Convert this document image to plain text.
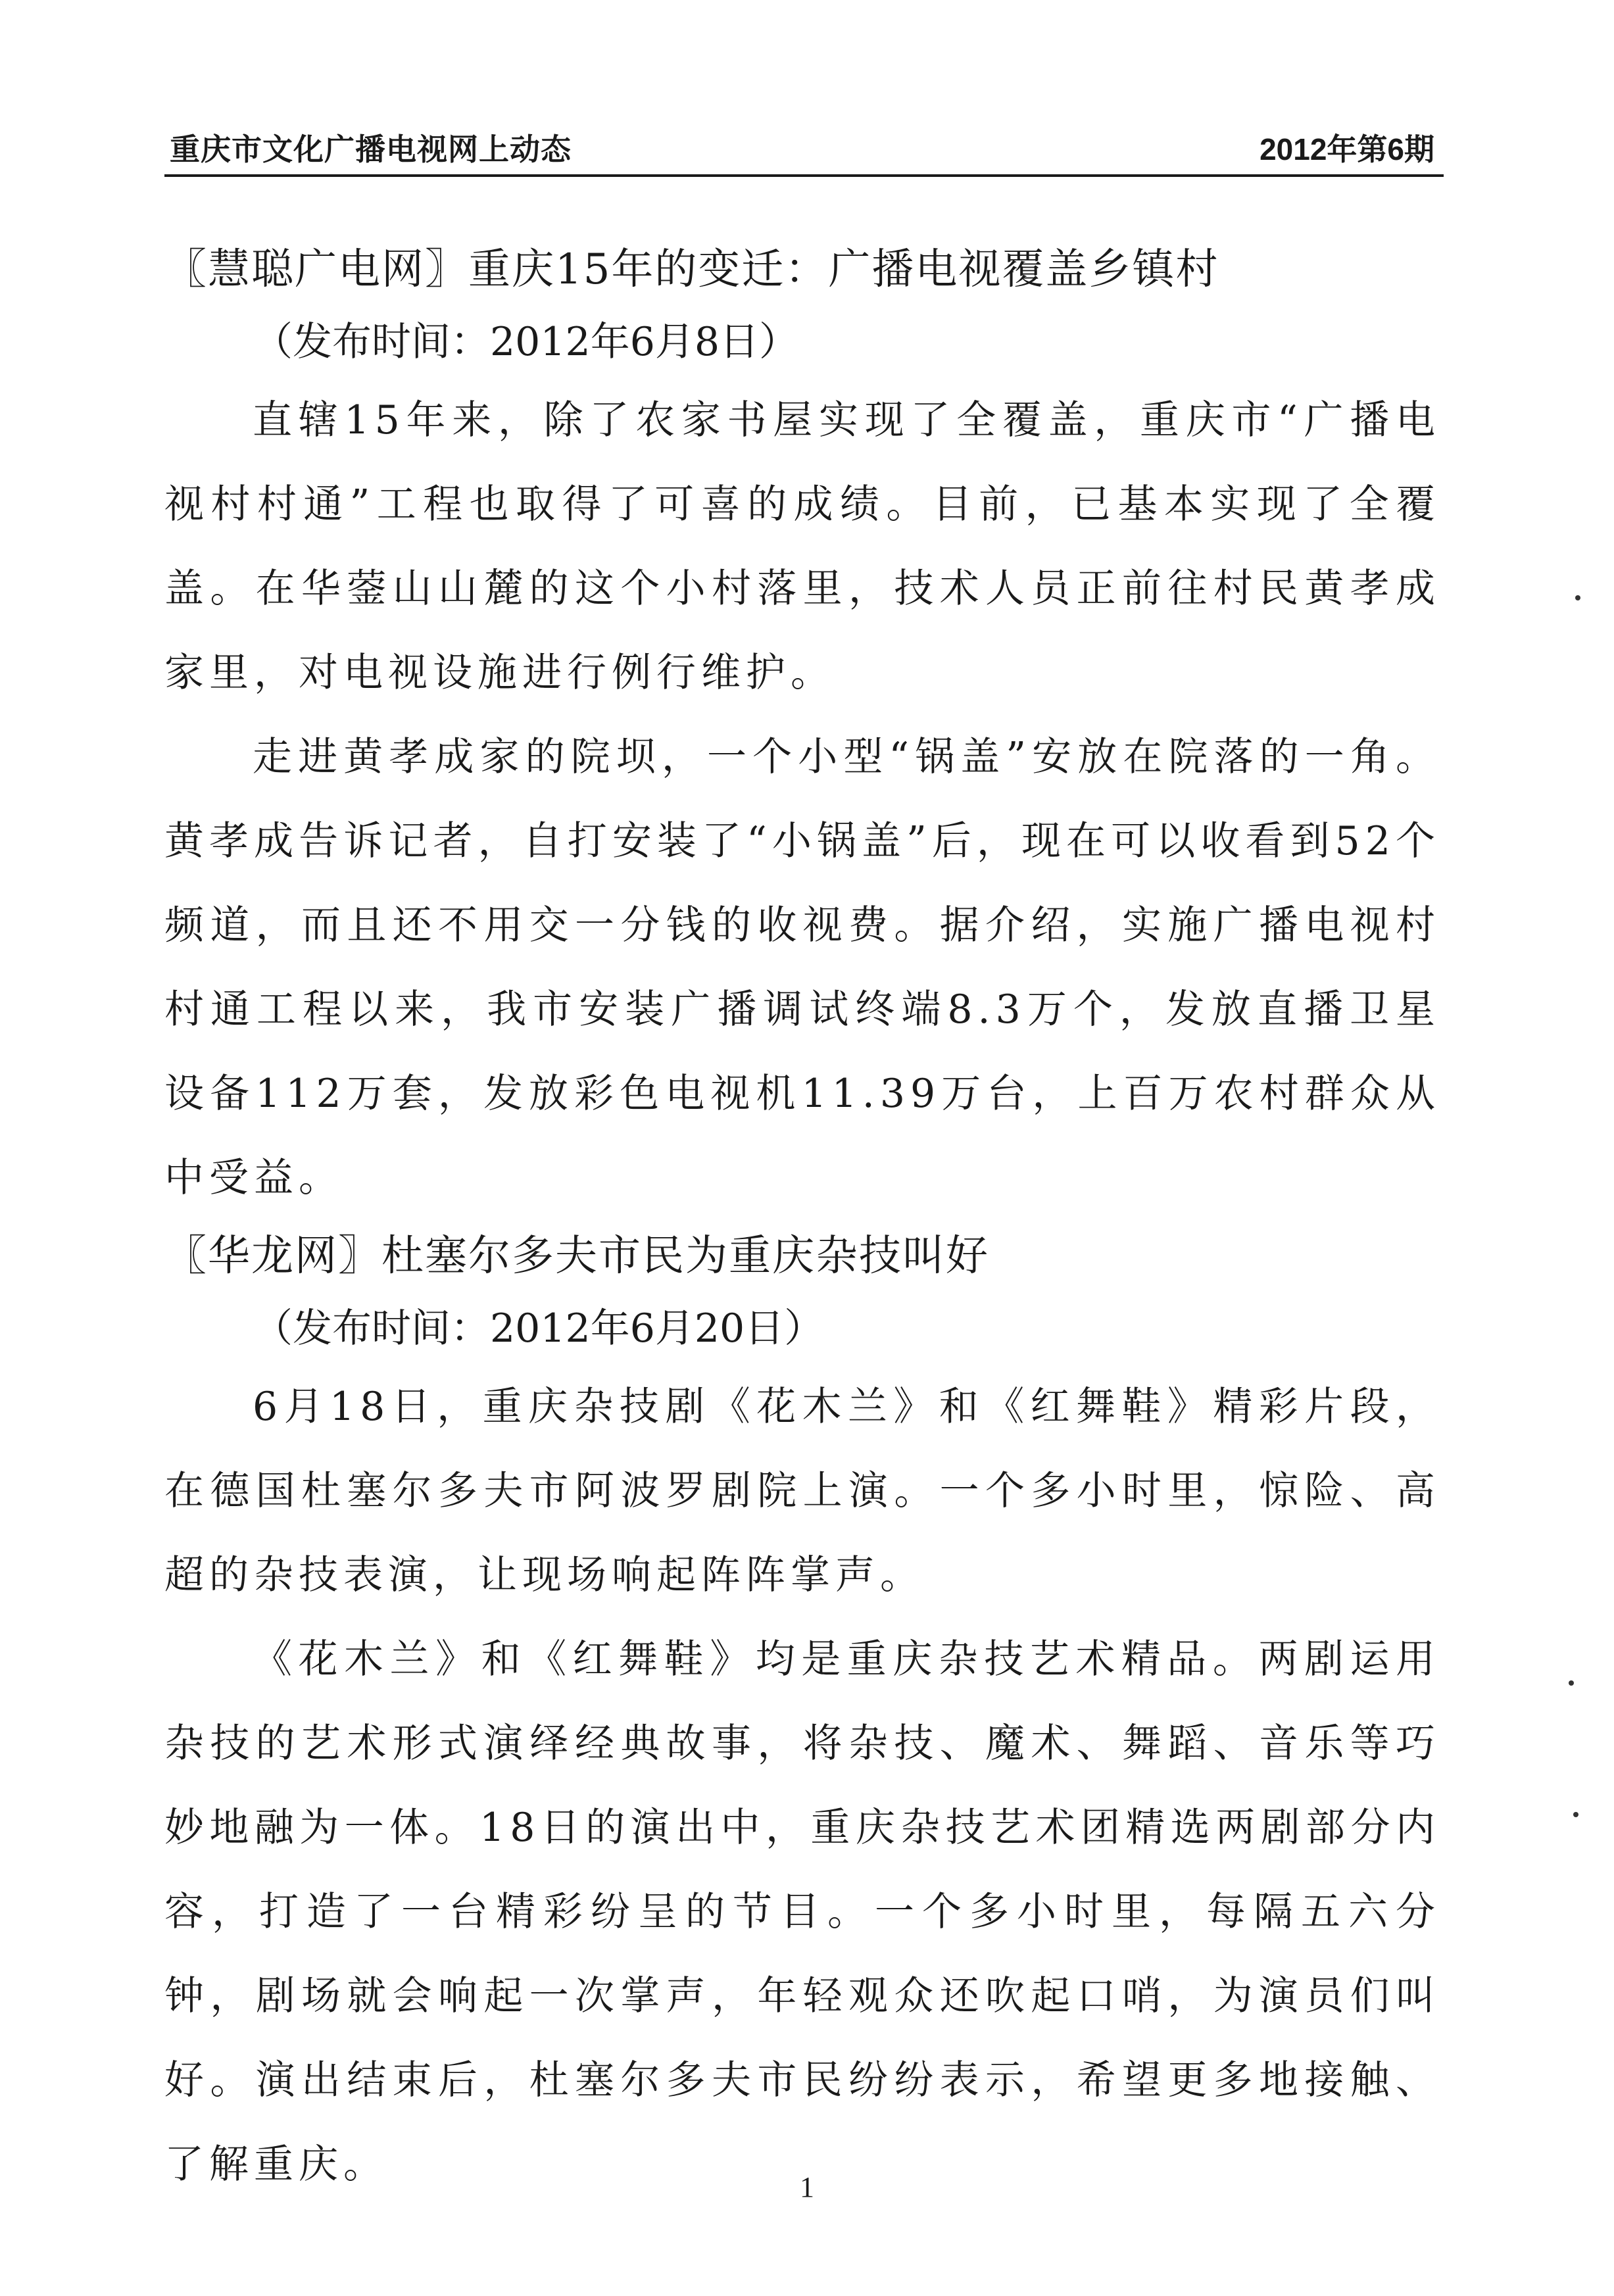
重庆市文化广播电视网上动态	2012年第6期
〖慧聪广电网〗重庆15年的变迁：广播电视覆盖乡镇村

（发布时间：2012年6月8日）

直辖15年来，除了农家书屋实现了全覆盖，重庆市“广播电视村村通”工程也取得了可喜的成绩。目前，已基本实现了全覆盖。在华蓥山山麓的这个小村落里，技术人员正前往村民黄孝成家里，对电视设施进行例行维护。

走进黄孝成家的院坝，一个小型“锅盖”安放在院落的一角。黄孝成告诉记者，自打安装了“小锅盖”后，现在可以收看到52个频道，而且还不用交一分钱的收视费。据介绍，实施广播电视村村通工程以来，我市安装广播调试终端8.3万个，发放直播卫星设备112万套，发放彩色电视机11.39万台，上百万农村群众从中受益。

〖华龙网〗杜塞尔多夫市民为重庆杂技叫好

（发布时间：2012年6月20日）

6月18日，重庆杂技剧《花木兰》和《红舞鞋》精彩片段，在德国杜塞尔多夫市阿波罗剧院上演。一个多小时里，惊险、高超的杂技表演，让现场响起阵阵掌声。

《花木兰》和《红舞鞋》均是重庆杂技艺术精品。两剧运用杂技的艺术形式演绎经典故事，将杂技、魔术、舞蹈、音乐等巧妙地融为一体。18日的演出中，重庆杂技艺术团精选两剧部分内容，打造了一台精彩纷呈的节目。一个多小时里，每隔五六分钟，剧场就会响起一次掌声，年轻观众还吹起口哨，为演员们叫好。演出结束后，杜塞尔多夫市民纷纷表示，希望更多地接触、了解重庆。	1
